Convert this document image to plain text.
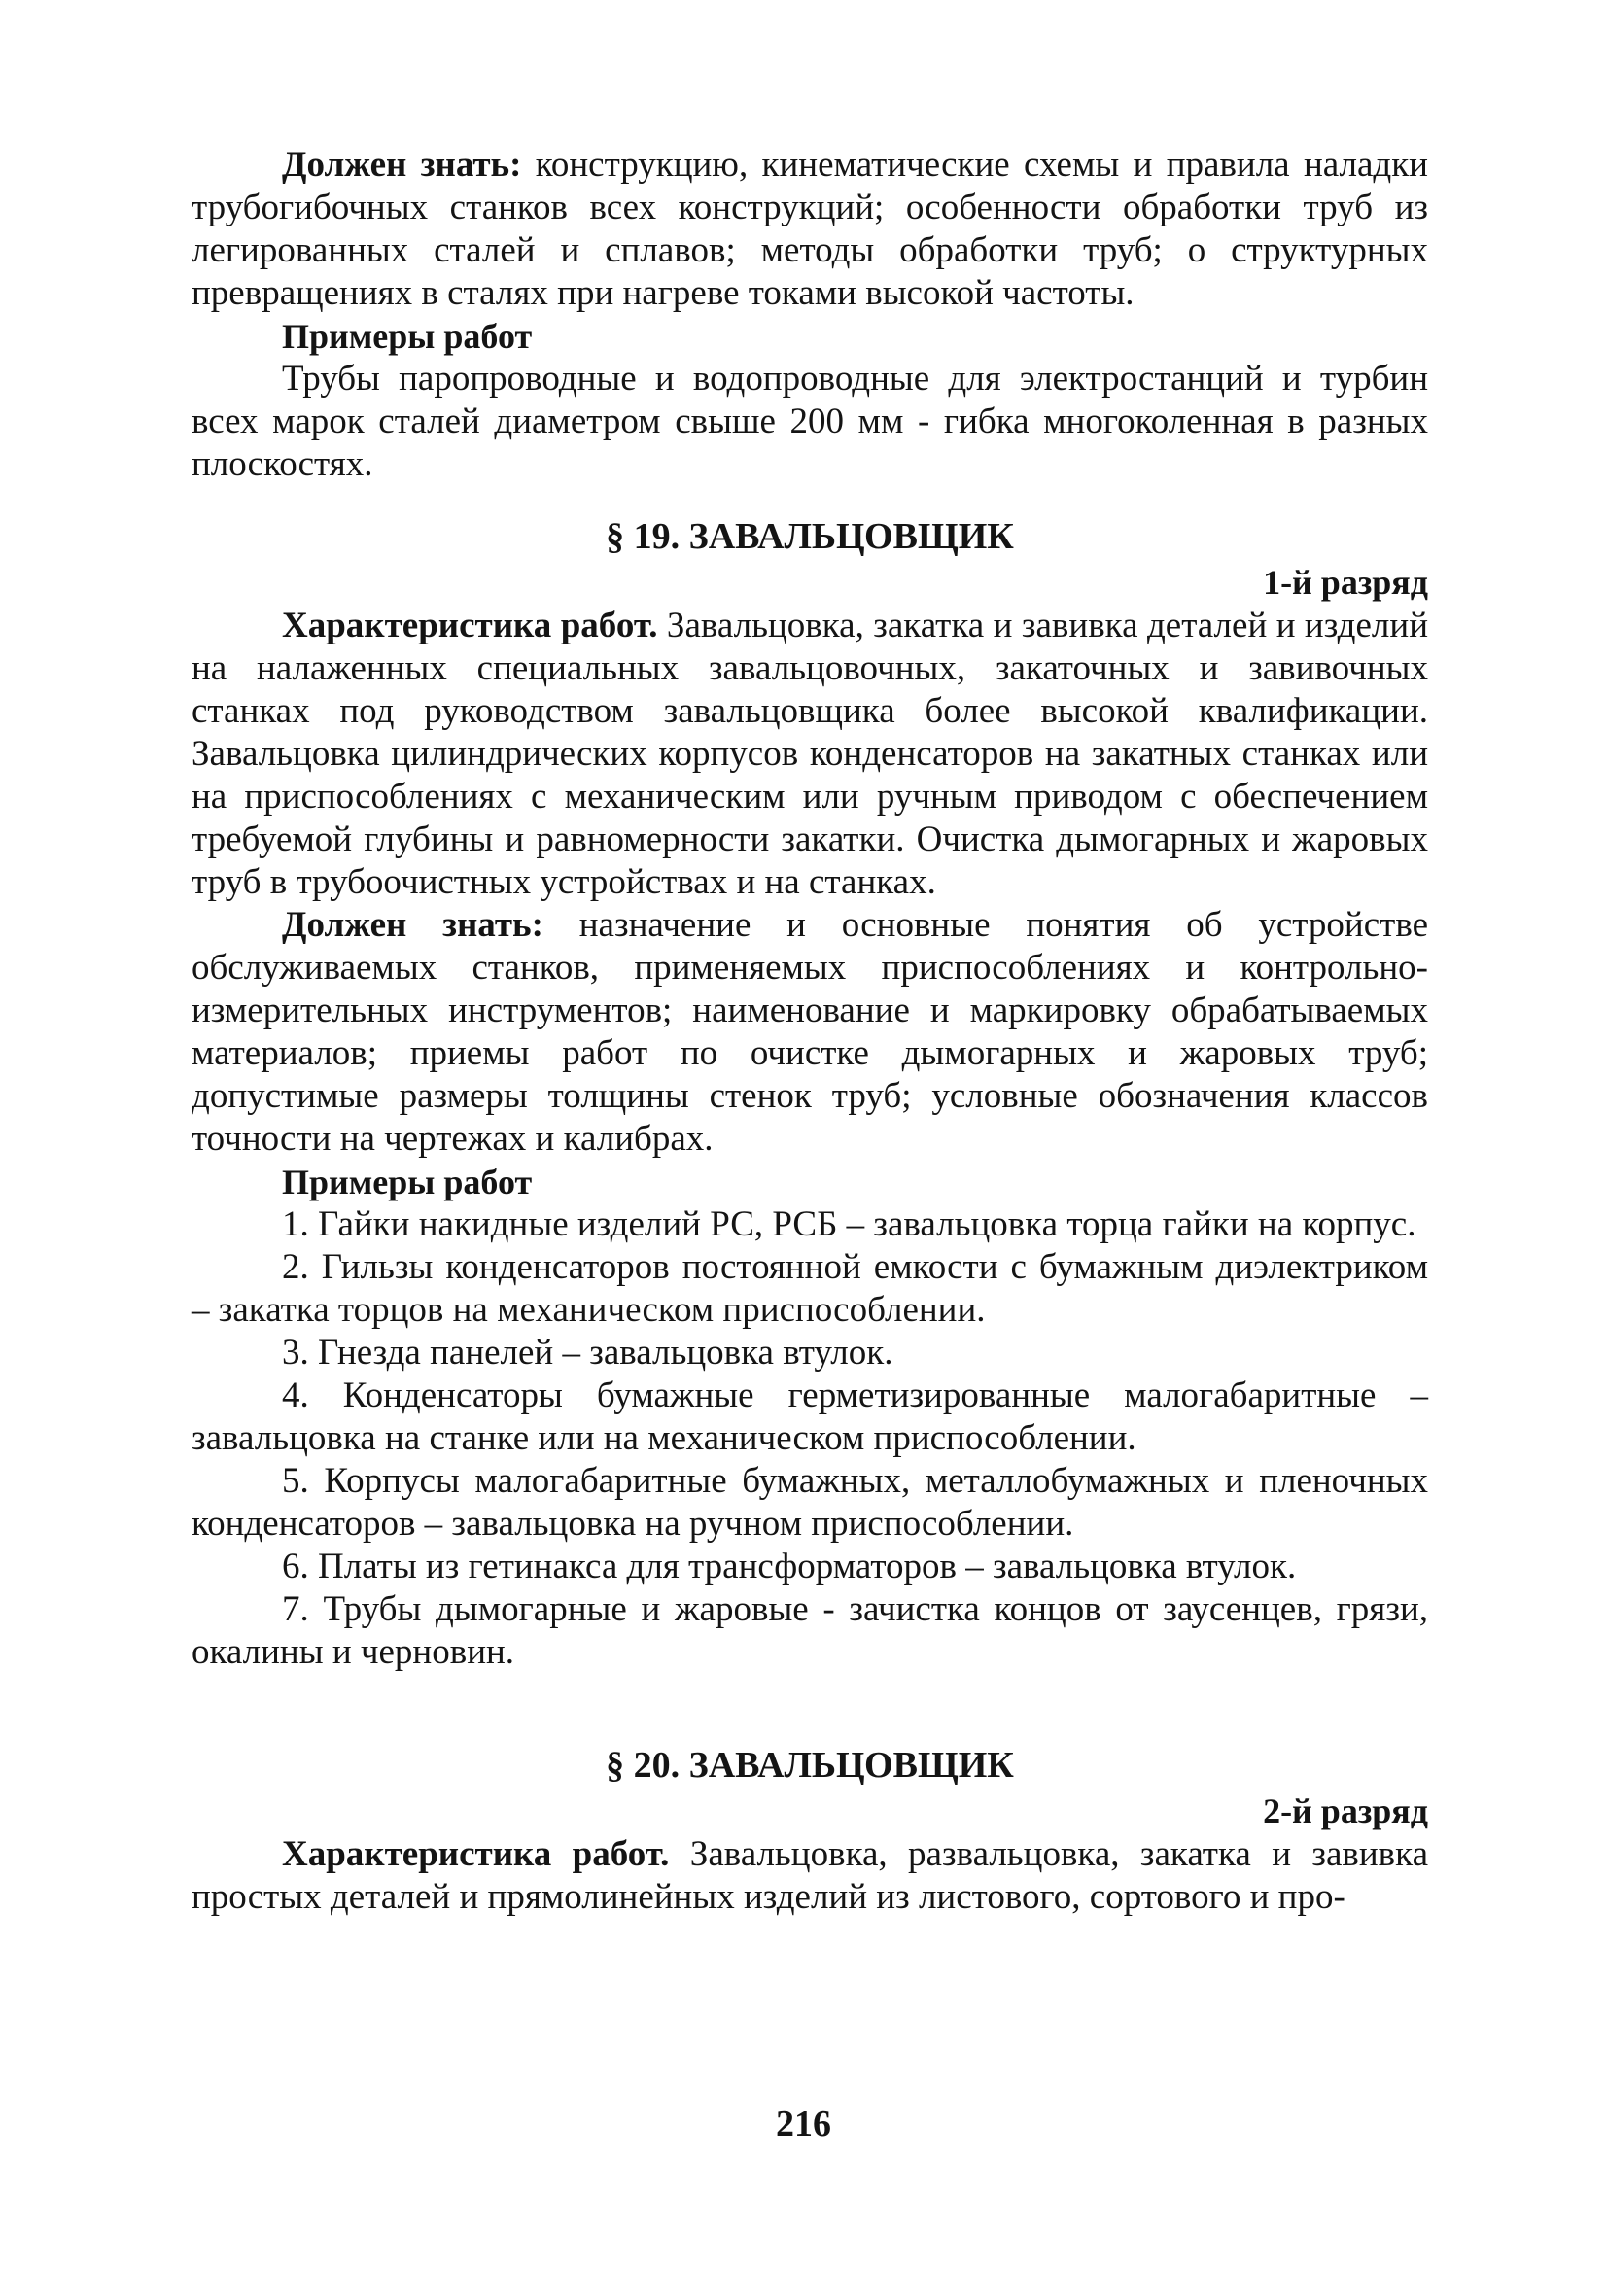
Должен знать: конструкцию, кинематические схемы и правила наладки трубогибочных станков всех конструкций; особенности обработки труб из легированных сталей и сплавов; методы обработки труб; о структурных превращениях в сталях при нагреве токами высокой частоты.

Примеры работ

Трубы паропроводные и водопроводные для электростанций и турбин всех марок сталей диаметром свыше 200 мм - гибка многоколенная в разных плоскостях.

§ 19. ЗАВАЛЬЦОВЩИК

1-й разряд

Характеристика работ. Завальцовка, закатка и завивка деталей и изделий на налаженных специальных завальцовочных, закаточных и завивочных станках под руководством завальцовщика более высокой квалификации. Завальцовка цилиндрических корпусов конденсаторов на закатных станках или на приспособлениях с механическим или ручным приводом с обеспечением требуемой глубины и равномерности закатки. Очистка дымогарных и жаровых труб в трубоочистных устройствах и на станках.

Должен знать: назначение и основные понятия об устройстве обслуживаемых станков, применяемых приспособлениях и контрольно-измерительных инструментов; наименование и маркировку обрабатываемых материалов; приемы работ по очистке дымогарных и жаровых труб; допустимые размеры толщины стенок труб; условные обозначения классов точности на чертежах и калибрах.

Примеры работ

1. Гайки накидные изделий РС, РСБ – завальцовка торца гайки на корпус.

2. Гильзы конденсаторов постоянной емкости с бумажным диэлектриком – закатка торцов на механическом приспособлении.

3. Гнезда панелей – завальцовка втулок.

4. Конденсаторы бумажные герметизированные малогабаритные – завальцовка на станке или на механическом приспособлении.

5. Корпусы малогабаритные бумажных, металлобумажных и пленочных конденсаторов – завальцовка на ручном приспособлении.

6. Платы из гетинакса для трансформаторов – завальцовка втулок.

7. Трубы дымогарные и жаровые - зачистка концов от заусенцев, грязи, окалины и черновин.

§ 20. ЗАВАЛЬЦОВЩИК

2-й разряд

Характеристика работ. Завальцовка, развальцовка, закатка и завивка простых деталей и прямолинейных изделий из листового, сортового и про-

216
